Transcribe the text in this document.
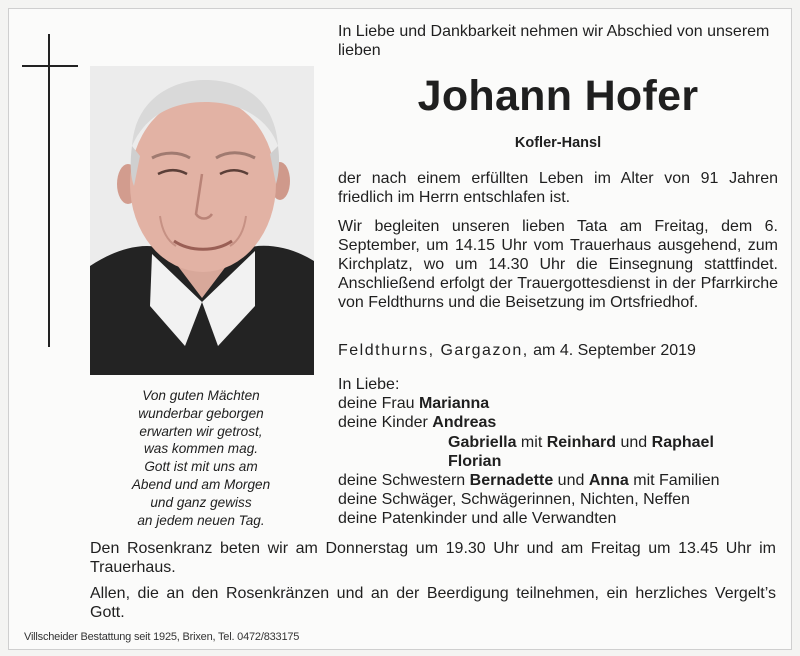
Von guten Mächten
wunderbar geborgen
erwarten wir getrost,
was kommen mag.
Gott ist mit uns am
Abend und am Morgen
und ganz gewiss
an jedem neuen Tag.
In Liebe und Dankbarkeit nehmen wir Abschied von unserem lieben
Johann Hofer
Kofler-Hansl
der nach einem erfüllten Leben im Alter von 91 Jahren friedlich im Herrn entschlafen ist.
Wir begleiten unseren lieben Tata am Freitag, dem 6. September, um 14.15 Uhr vom Trauerhaus ausgehend, zum Kirchplatz, wo um 14.30 Uhr die Einsegnung stattfindet. Anschließend erfolgt der Trauergottesdienst in der Pfarrkirche von Feldthurns und die Beisetzung im Ortsfriedhof.
Feldthurns, Gargazon, am 4. September 2019
In Liebe:
deine Frau Marianna
deine Kinder Andreas
Gabriella mit Reinhard und Raphael
Florian
deine Schwestern Bernadette und Anna mit Familien
deine Schwäger, Schwägerinnen, Nichten, Neffen
deine Patenkinder und alle Verwandten
Den Rosenkranz beten wir am Donnerstag um 19.30 Uhr und am Freitag um 13.45 Uhr im Trauerhaus.
Allen, die an den Rosenkränzen und an der Beerdigung teilnehmen, ein herzliches Vergelt’s Gott.
Villscheider Bestattung seit 1925, Brixen, Tel. 0472/833175
